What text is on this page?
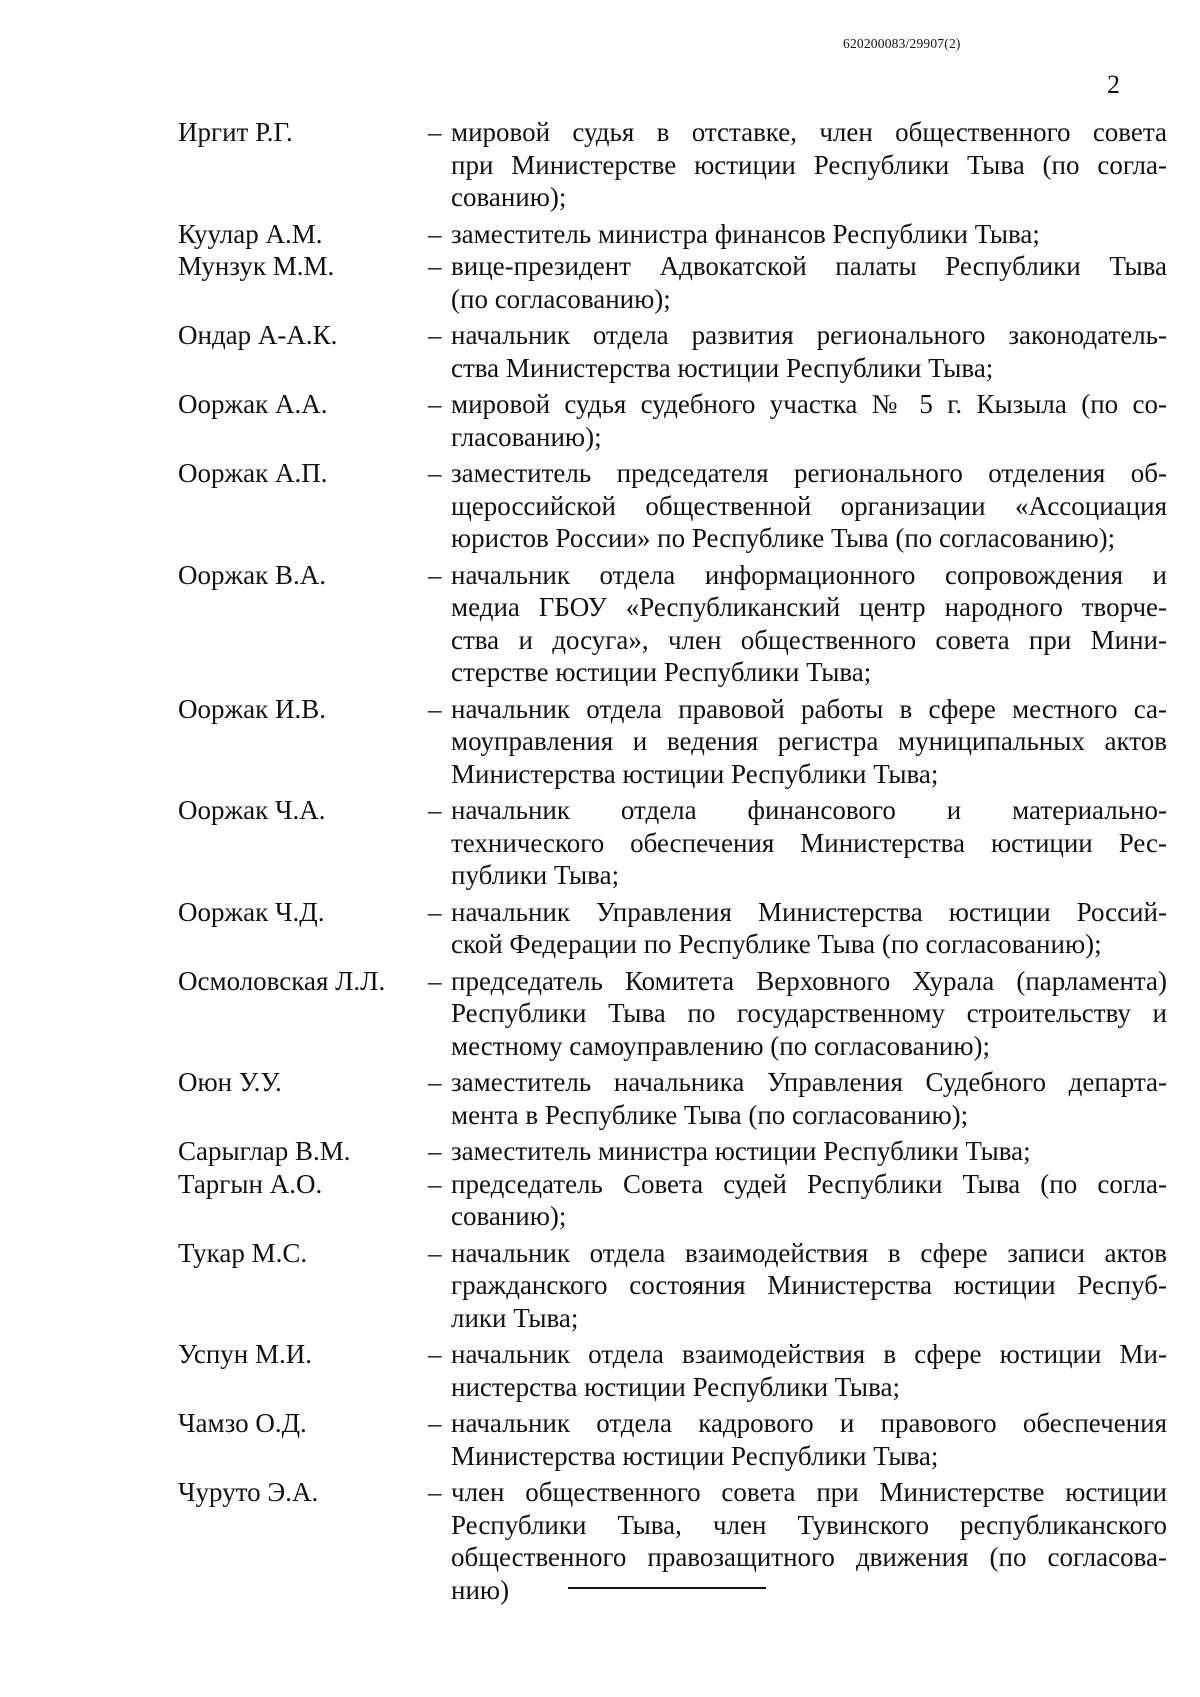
620200083/29907(2)
2
Иргит Р.Г.	– мировой судья в отставке, член общественного совета
при Министерстве юстиции Республики Тыва (по согла-
сованию);
Куулар А.М.	– заместитель министра финансов Республики Тыва;
Мунзук М.М.	– вице-президент Адвокатской палаты Республики Тыва
(по согласованию);
Ондар А-А.К.	– начальник отдела развития регионального законодатель-
ства Министерства юстиции Республики Тыва;
Ооржак А.А.	– мировой судья судебного участка № 5 г. Кызыла (по со-
гласованию);
Ооржак А.П.	– заместитель председателя регионального отделения об-
щероссийской общественной организации «Ассоциация
юристов России» по Республике Тыва (по согласованию);
Ооржак В.А.	– начальник отдела информационного сопровождения и
медиа ГБОУ «Республиканский центр народного творче-
ства и досуга», член общественного совета при Мини-
стерстве юстиции Республики Тыва;
Ооржак И.В.	– начальник отдела правовой работы в сфере местного са-
моуправления и ведения регистра муниципальных актов
Министерства юстиции Республики Тыва;
Ооржак Ч.А.	– начальник отдела финансового и материально-
технического обеспечения Министерства юстиции Рес-
публики Тыва;
Ооржак Ч.Д.	– начальник Управления Министерства юстиции Россий-
ской Федерации по Республике Тыва (по согласованию);
Осмоловская Л.Л.	– председатель Комитета Верховного Хурала (парламента)
Республики Тыва по государственному строительству и
местному самоуправлению (по согласованию);
Оюн У.У.	– заместитель начальника Управления Судебного департа-
мента в Республике Тыва (по согласованию);
Сарыглар В.М.	– заместитель министра юстиции Республики Тыва;
Таргын А.О.	– председатель Совета судей Республики Тыва (по согла-
сованию);
Тукар М.С.	– начальник отдела взаимодействия в сфере записи актов
гражданского состояния Министерства юстиции Респуб-
лики Тыва;
Успун М.И.	– начальник отдела взаимодействия в сфере юстиции Ми-
нистерства юстиции Республики Тыва;
Чамзо О.Д.	– начальник отдела кадрового и правового обеспечения
Министерства юстиции Республики Тыва;
Чуруто Э.А.	– член общественного совета при Министерстве юстиции
Республики Тыва, член Тувинского республиканского
общественного правозащитного движения (по согласова-
нию)
